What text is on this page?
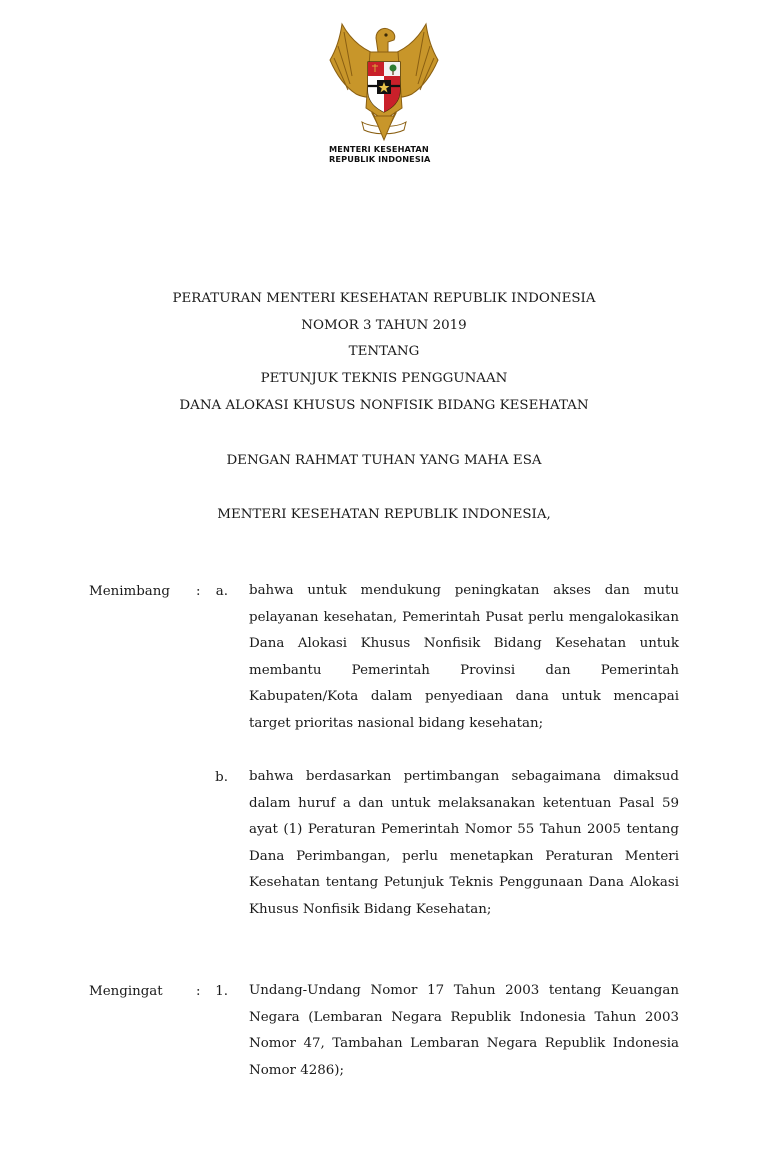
MENTERI KESEHATAN
REPUBLIK INDONESIA
PERATURAN MENTERI KESEHATAN REPUBLIK INDONESIA
NOMOR 3 TAHUN 2019
TENTANG
PETUNJUK TEKNIS PENGGUNAAN
DANA ALOKASI KHUSUS NONFISIK BIDANG KESEHATAN
DENGAN RAHMAT TUHAN YANG MAHA ESA
MENTERI KESEHATAN REPUBLIK INDONESIA,
Menimbang :	a. bahwa untuk mendukung peningkatan akses dan mutu pelayanan kesehatan, Pemerintah Pusat perlu mengalokasikan Dana Alokasi Khusus Nonfisik Bidang Kesehatan untuk membantu Pemerintah Provinsi dan Pemerintah Kabupaten/Kota dalam penyediaan dana untuk mencapai target prioritas nasional bidang kesehatan;
b. bahwa berdasarkan pertimbangan sebagaimana dimaksud dalam huruf a dan untuk melaksanakan ketentuan Pasal 59 ayat (1) Peraturan Pemerintah Nomor 55 Tahun 2005 tentang Dana Perimbangan, perlu menetapkan Peraturan Menteri Kesehatan tentang Petunjuk Teknis Penggunaan Dana Alokasi Khusus Nonfisik Bidang Kesehatan;
Mengingat :	1. Undang-Undang Nomor 17 Tahun 2003 tentang Keuangan Negara (Lembaran Negara Republik Indonesia Tahun 2003 Nomor 47, Tambahan Lembaran Negara Republik Indonesia Nomor 4286);
